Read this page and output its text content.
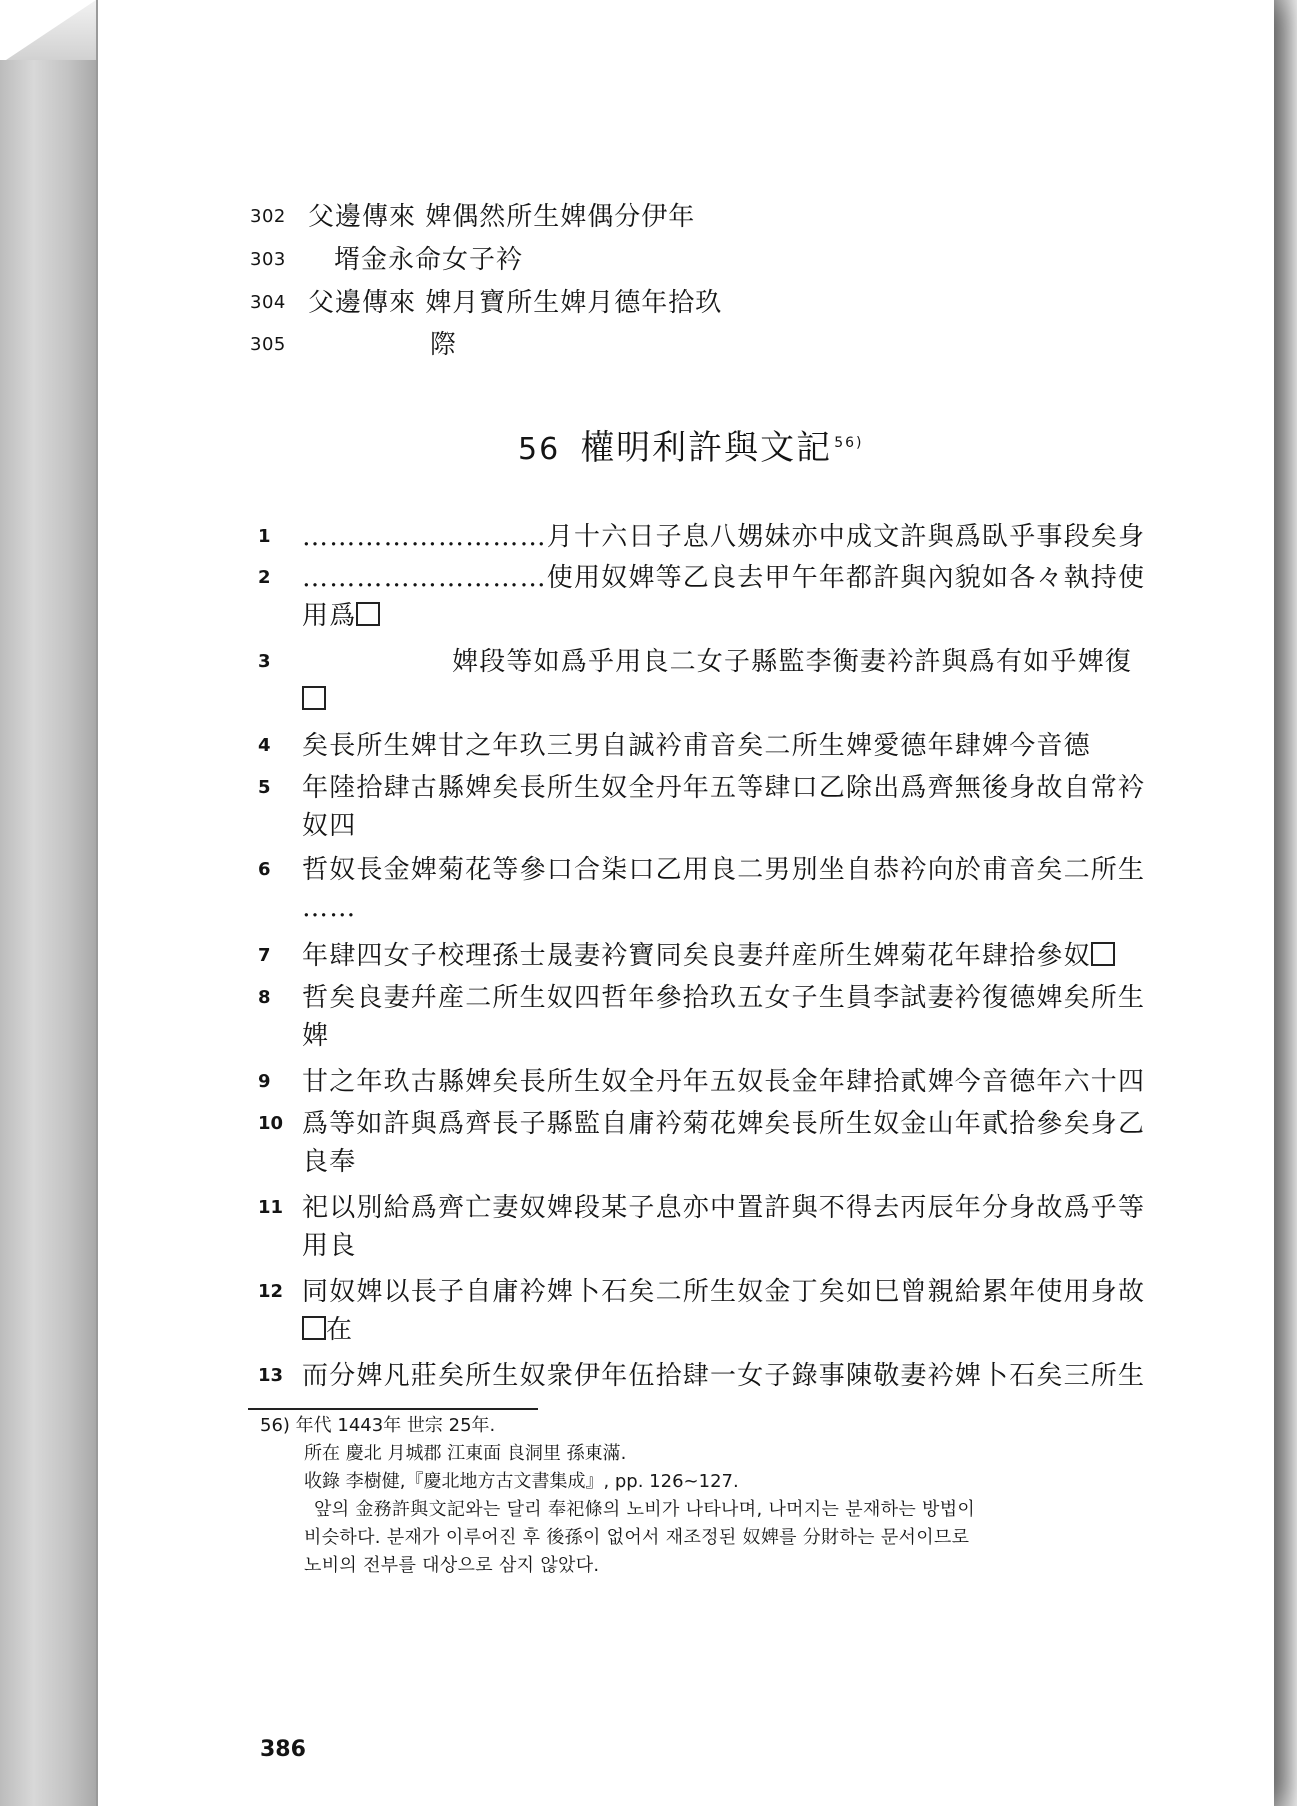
302 父邊傳來 婢偶然所生婢偶分伊年
303 壻金永命女子衿
304 父邊傳來 婢月寶所生婢月德年拾玖
305	際
56 權明利許與文記 $^{56)}$
1	………………………月十六日子息八娚妹亦中成文許與爲臥乎事段矣身
2	………………………使用奴婢等乙良去甲午年都許與內貌如各々執持使
用爲
3	婢段等如爲乎用良二女子縣監李衡妻衿許與爲有如乎婢復
4	矣長所生婢甘之年玖三男自誠衿甫音矣二所生婢愛德年肆婢今音德
5	年陸拾肆古縣婢矣長所生奴全丹年五等肆口乙除出爲齊無後身故自常衿
奴四
6	哲奴長金婢菊花等參口合柒口乙用良二男別坐自恭衿向於甫音矣二所生
……
7	年肆四女子校理孫士晟妻衿寶同矣良妻幷産所生婢菊花年肆拾參奴
8	哲矣良妻幷産二所生奴四哲年參拾玖五女子生員李試妻衿復德婢矣所生
婢
9	甘之年玖古縣婢矣長所生奴全丹年五奴長金年肆拾貳婢今音德年六十四
10 爲等如許與爲齊長子縣監自庸衿菊花婢矣長所生奴金山年貳拾參矣身乙
良奉
11 祀以別給爲齊亡妻奴婢段某子息亦中置許與不得去丙辰年分身故爲乎等
用良
12 同奴婢以長子自庸衿婢卜石矣二所生奴金丁矣如巳曾親給累年使用身故
在
13 而分婢凡莊矣所生奴衆伊年伍拾肆一女子錄事陳敬妻衿婢卜石矣三所生
56) 年代 1443年 世宗 25年.
所在 慶北 月城郡 江東面 良洞里 孫東滿.
收錄 李樹健,『慶北地方古文書集成』, pp. 126~127.
앞의 金務許與文記와는 달리 奉祀條의 노비가 나타나며, 나머지는 분재하는 방법이
비슷하다. 분재가 이루어진 후 後孫이 없어서 재조정된 奴婢를 分財하는 문서이므로
노비의 전부를 대상으로 삼지 않았다.
386
